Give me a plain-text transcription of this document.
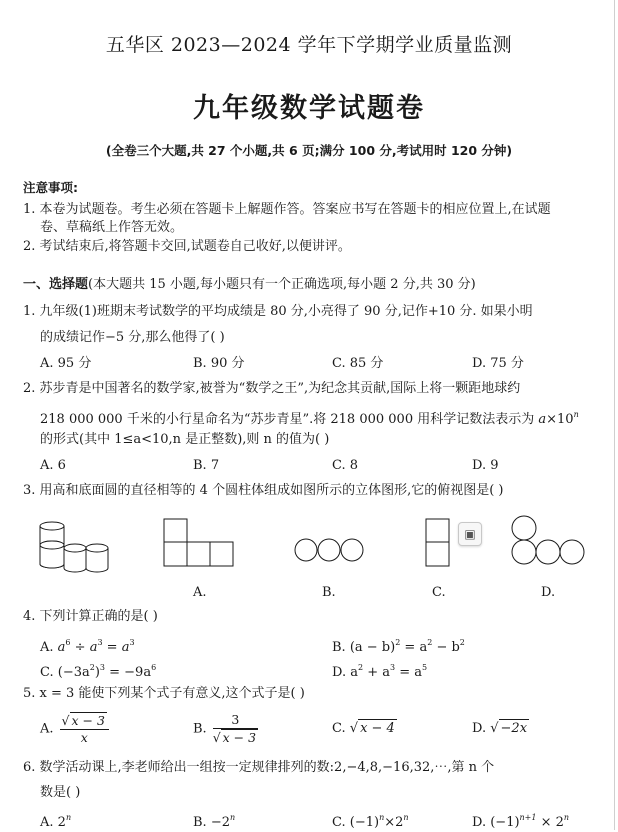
五华区 2023—2024 学年下学期学业质量监测
九年级数学试题卷
(全卷三个大题,共 27 个小题,共 6 页;满分 100 分,考试用时 120 分钟)
注意事项:
1. 本卷为试题卷。考生必须在答题卡上解题作答。答案应书写在答题卡的相应位置上,在试题
卷、草稿纸上作答无效。
2. 考试结束后,将答题卡交回,试题卷自己收好,以便讲评。
一、选择题(本大题共 15 小题,每小题只有一个正确选项,每小题 2 分,共 30 分)
1. 九年级(1)班期末考试数学的平均成绩是 80 分,小亮得了 90 分,记作+10 分. 如果小明
的成绩记作−5 分,那么他得了( )
A. 95 分	B. 90 分	C. 85 分	D. 75 分
2. 苏步青是中国著名的数学家,被誉为“数学之王”,为纪念其贡献,国际上将一颗距地球约
218 000 000 千米的小行星命名为“苏步青星”.将 218 000 000 用科学记数法表示为 $a\times 10^n$
的形式(其中 1≤a<10,n 是正整数),则 n 的值为( )
A. 6	B. 7	C. 8	D. 9
3. 用高和底面圆的直径相等的 4 个圆柱体组成如图所示的立体图形,它的俯视图是( )
▣
A.	B.	C.	D.
4. 下列计算正确的是( )
A. $a^6 \div a^3 = a^3$	B. $(a - b)^2 = a^2 - b^2$
C. $(-3a^2)^3 = -9a^6$	D. $a^2 + a^3 = a^5$
5. x = 3 能使下列某个式子有意义,这个式子是( )
A. $\frac{√ x - 3}{x}$	B. $\frac{3}{√ x - 3}$	C. √ x − 4	D. √ −2x
6. 数学活动课上,李老师给出一组按一定规律排列的数:2,−4,8,−16,32,⋯,第 n 个
数是( )
A. 2$^n$	B. $-2^n$	C. $(-1)^n\times 2^n$	D. $(-1)^{n+1} \times 2^n$
